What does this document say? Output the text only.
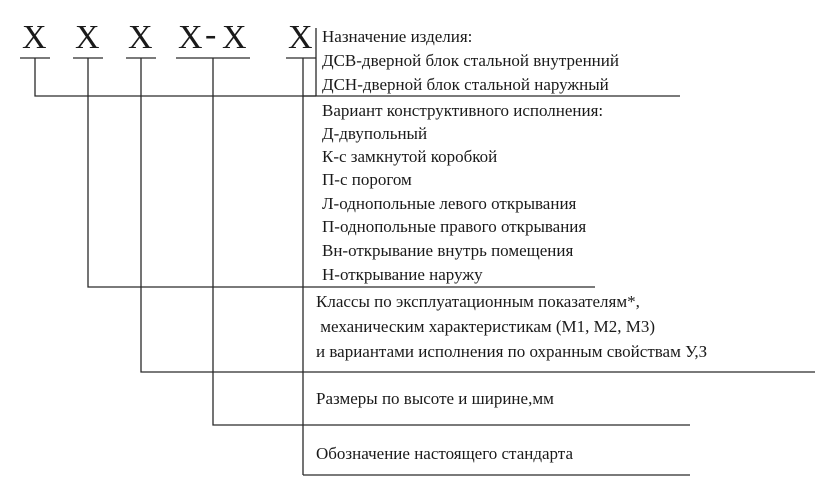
X X X X - X X Назначение изделия:
ДСВ-дверной блок стальной внутренний
ДСН-дверной блок стальной наружный
Вариант конструктивного исполнения:
Д-двупольный
К-с замкнутой коробкой
П-с порогом
Л-однопольные левого открывания
П-однопольные правого открывания
Вн-открывание внутрь помещения
Н-открывание наружу
Классы по эксплуатационным показателям*,
механическим характеристикам (М1, М2, М3)
и вариантами исполнения по охранным свойствам У,З
Размеры по высоте и ширине,мм
Обозначение настоящего стандарта
